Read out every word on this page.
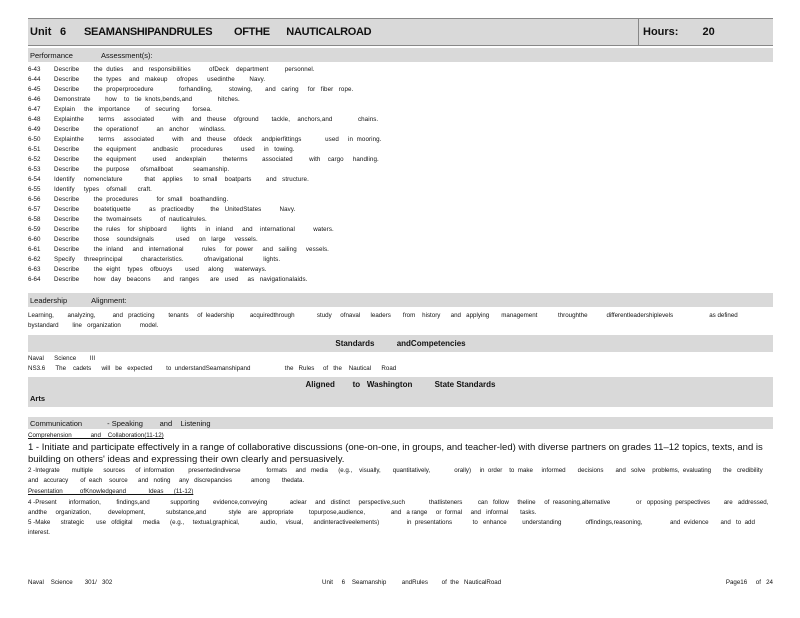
Unit 6	SEAMANSHIPANDRULES	OFTHE      NAUTICALROAD	Hours: 20
Performance	Assessment(s):
6-43	Describe        the  duties     and   responsibilities          ofDeck    department         personnel.
6-44	Describe        the  types    and   makeup     ofropes     usedinthe        Navy.
6-45	Describe        the  properprocedure              forhandling,         stowing,       and   caring     for   fiber   rope.
6-46	Demonstrate        how    to   tie  knots,bends,and              hitches.
6-47	Explain     the   importance        of   securing       forsea.
6-48	Explainthe        terms     associated          with    and   theuse    ofground       tackle,    anchors,and              chains.
6-49	Describe        the  operationof          an   anchor      windlass.
6-50	Explainthe        terms     associated          with    and   theuse    ofdeck     andpierfittings             used     in  mooring.
6-51	Describe        the  equipment         andbasic       procedures          used     in   towing.
6-52	Describe        the  equipment         used     andexplain         theterms        associated         with    cargo     handling.
6-53	Describe        the  purpose      ofsmallboat           seamanship.
6-54	Identify     nomenclature            that    applies      to  small    boatparts        and   structure.
6-55	Identify     types    ofsmall      craft.
6-56	Describe        the  procedures          for  small    boathandling.
6-57	Describe        boatetiquette          as   practicedby         the   UnitedStates          Navy.
6-58	Describe        the  twomainsets          of  nauticalrules.
6-59	Describe        the  rules    for  shipboard        lights     in   inland     and    international          waters.
6-60	Describe        those    soundsignals            used     on   large     vessels.
6-61	Describe        the  inland     and   international          rules     for  power     and   sailing     vessels.
6-62	Specify     threeprincipal          characteristics.           ofnavigational           lights.
6-63	Describe        the  eight    types    ofbuoys       used     along      waterways.
6-64	Describe        how   day   beacons       and   ranges      are   used     as   navigationalaids.
Leadership	Alignment:
Learning,        analyzing,          and   practicing        tenants     of  leadership         acquiredthrough             study     ofnaval      leaders       from    history      and   applying       management            throughthe           differentleadershiplevels                     as defined    bystandard        line   organization           model.
Standards          andCompetencies
Naval      Science        III
NS3.6      The    cadets      will   be   expected        to  understandSeamanshipand                    the   Rules     of   the    Nautical      Road
Aligned        to   Washington          State Standards
Arts
Communication            - Speaking        and    Listening
Comprehension           and    Collaboration(11-12)
1 - Initiate and participate effectively in a range of collaborative discussions (one-on-one, in groups, and teacher-led) with diverse partners on grades 11–12 topics, texts, and is building on others' ideas and expressing their own clearly and persuasively.
2 -Integrate       multiple      sources      of  information        presentedindiverse               formats     and   media      (e.g.,    visually,       quantitatively,              orally)     in  order    to  make     informed       decisions       and   solve    problems,  evaluating       the   credibility       and   accuracy       of  each    source      and   noting     any   discrepancies           among       thedata.
Presentation          ofKnowledgeand             Ideas      (11-12)
4 -Present       information,         findings,and            supporting        evidence,conveying             aclear     and   distinct     perspective,such              thatlisteners         can   follow     theline     of  reasoning,alternative               or   opposing  perspectives        are   addressed,         andthe     organization,          development,            substance,and             style    are   appropriate         topurpose,audience,               and   a range     or  formal     and   informal       tasks.
5 -Make      strategic       use   ofdigital      media      (e.g.,     textual,graphical,            audio,     visual,      andinteractiveelements)                in  presentations            to   enhance         understanding              offindings,reasoning,                and  evidence       and   to  add   interest.
Naval    Science       301/   302	Unit     6    Seamanship         andRules        of  the   NauticalRoad	Page16     of   24
